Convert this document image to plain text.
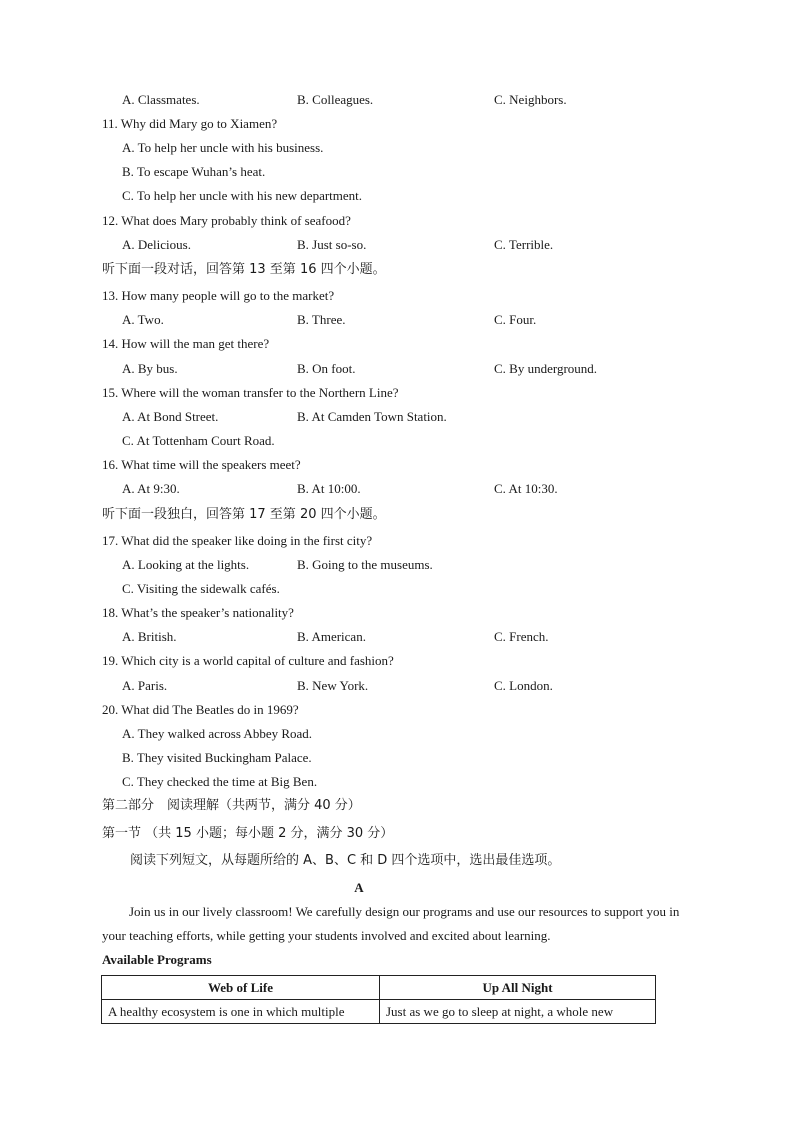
A. Classmates.	B. Colleagues.	C. Neighbors.
11. Why did Mary go to Xiamen?
A. To help her uncle with his business.
B. To escape Wuhan’s heat.
C. To help her uncle with his new department.
12. What does Mary probably think of seafood?
A. Delicious.	B. Just so-so.	C. Terrible.
听下面一段对话，回答第 13 至第 16 四个小题。
13. How many people will go to the market?
A. Two.	B. Three.	C. Four.
14. How will the man get there?
A. By bus.	B. On foot.	C. By underground.
15. Where will the woman transfer to the Northern Line?
A. At Bond Street.	B. At Camden Town Station.
C. At Tottenham Court Road.
16. What time will the speakers meet?
A. At 9:30.	B. At 10:00.	C. At 10:30.
听下面一段独白，回答第 17 至第 20 四个小题。
17. What did the speaker like doing in the first city?
A. Looking at the lights.	B. Going to the museums.
C. Visiting the sidewalk cafés.
18. What’s the speaker’s nationality?
A. British.	B. American.	C. French.
19. Which city is a world capital of culture and fashion?
A. Paris.	B. New York.	C. London.
20. What did The Beatles do in 1969?
A. They walked across Abbey Road.
B. They visited Buckingham Palace.
C. They checked the time at Big Ben.
第二部分　阅读理解（共两节，满分 40 分）
第一节 （共 15 小题；每小题 2 分，满分 30 分）
阅读下列短文，从每题所给的 A、B、C 和 D 四个选项中，选出最佳选项。
A
Join us in our lively classroom! We carefully design our programs and use our resources to support you in your teaching efforts, while getting your students involved and excited about learning.
Available Programs
Web of Life	Up All Night
A healthy ecosystem is one in which multiple	Just as we go to sleep at night, a whole new
